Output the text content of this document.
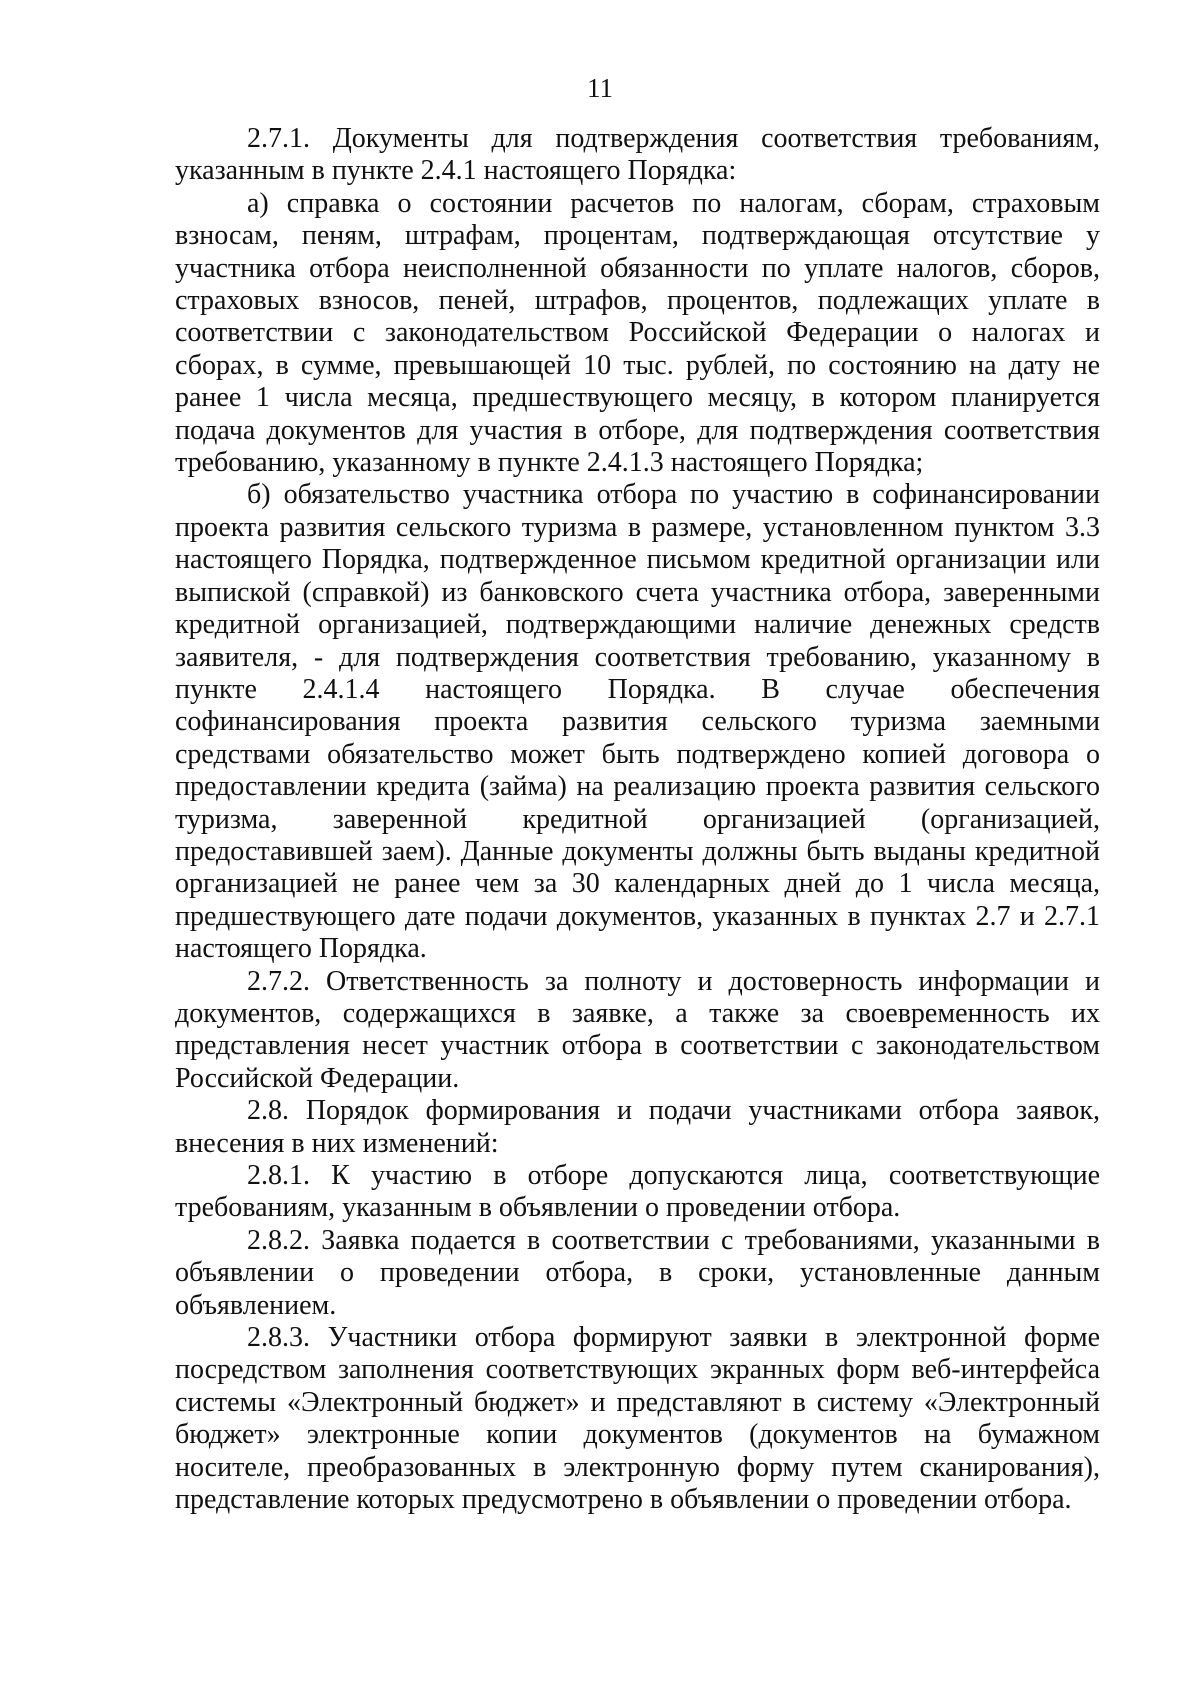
11

2.7.1. Документы для подтверждения соответствия требованиям, указанным в пункте 2.4.1 настоящего Порядка:

а) справка о состоянии расчетов по налогам, сборам, страховым взносам, пеням, штрафам, процентам, подтверждающая отсутствие у участника отбора неисполненной обязанности по уплате налогов, сборов, страховых взносов, пеней, штрафов, процентов, подлежащих уплате в соответствии с законодательством Российской Федерации о налогах и сборах, в сумме, превышающей 10 тыс. рублей, по состоянию на дату не ранее 1 числа месяца, предшествующего месяцу, в котором планируется подача документов для участия в отборе, для подтверждения соответствия требованию, указанному в пункте 2.4.1.3 настоящего Порядка;

б) обязательство участника отбора по участию в софинансировании проекта развития сельского туризма в размере, установленном пунктом 3.3 настоящего Порядка, подтвержденное письмом кредитной организации или выпиской (справкой) из банковского счета участника отбора, заверенными кредитной организацией, подтверждающими наличие денежных средств заявителя, - для подтверждения соответствия требованию, указанному в пункте 2.4.1.4 настоящего Порядка. В случае обеспечения софинансирования проекта развития сельского туризма заемными средствами обязательство может быть подтверждено копией договора о предоставлении кредита (займа) на реализацию проекта развития сельского туризма, заверенной кредитной организацией (организацией, предоставившей заем). Данные документы должны быть выданы кредитной организацией не ранее чем за 30 календарных дней до 1 числа месяца, предшествующего дате подачи документов, указанных в пунктах 2.7 и 2.7.1 настоящего Порядка.

2.7.2. Ответственность за полноту и достоверность информации и документов, содержащихся в заявке, а также за своевременность их представления несет участник отбора в соответствии с законодательством Российской Федерации.

2.8. Порядок формирования и подачи участниками отбора заявок, внесения в них изменений:

2.8.1. К участию в отборе допускаются лица, соответствующие требованиям, указанным в объявлении о проведении отбора.

2.8.2. Заявка подается в соответствии с требованиями, указанными в объявлении о проведении отбора, в сроки, установленные данным объявлением.

2.8.3. Участники отбора формируют заявки в электронной форме посредством заполнения соответствующих экранных форм веб-интерфейса системы «Электронный бюджет» и представляют в систему «Электронный бюджет» электронные копии документов (документов на бумажном носителе, преобразованных в электронную форму путем сканирования), представление которых предусмотрено в объявлении о проведении отбора.
